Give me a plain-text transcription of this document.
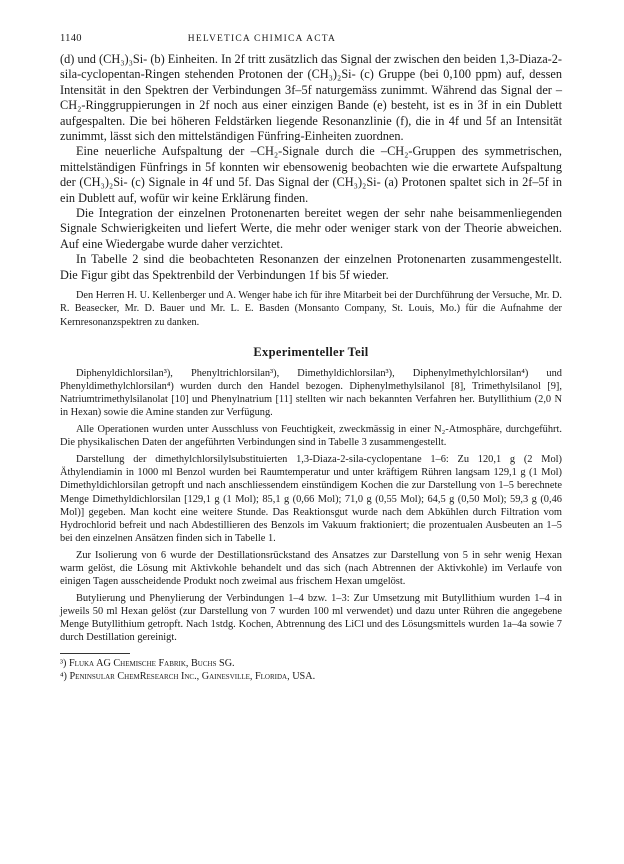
1140	HELVETICA CHIMICA ACTA

(d) und (CH₃)₃Si- (b) Einheiten. In 2f tritt zusätzlich das Signal der zwischen den beiden 1,3-Diaza-2-sila-cyclopentan-Ringen stehenden Protonen der (CH₃)₂Si- (c) Gruppe (bei 0,100 ppm) auf, dessen Intensität in den Spektren der Verbindungen 3f–5f naturgemäss zunimmt. Während das Signal der –CH₂-Ringgruppierungen in 2f noch aus einer einzigen Bande (e) besteht, ist es in 3f in ein Dublett aufgespalten. Die bei höheren Feldstärken liegende Resonanzlinie (f), die in 4f und 5f an Intensität zunimmt, lässt sich den mittelständigen Fünfring-Einheiten zuordnen.

Eine neuerliche Aufspaltung der –CH₂-Signale durch die –CH₂-Gruppen des symmetrischen, mittelständigen Fünfrings in 5f konnten wir ebensowenig beobachten wie die erwartete Aufspaltung der (CH₃)₂Si- (c) Signale in 4f und 5f. Das Signal der (CH₃)₂Si- (a) Protonen spaltet sich in 2f–5f in ein Dublett auf, wofür wir keine Erklärung finden.

Die Integration der einzelnen Protonenarten bereitet wegen der sehr nahe beisammenliegenden Signale Schwierigkeiten und liefert Werte, die mehr oder weniger stark von der Theorie abweichen. Auf eine Wiedergabe wurde daher verzichtet.

In Tabelle 2 sind die beobachteten Resonanzen der einzelnen Protonenarten zusammengestellt. Die Figur gibt das Spektrenbild der Verbindungen 1f bis 5f wieder.

Den Herren H. U. Kellenberger und A. Wenger habe ich für ihre Mitarbeit bei der Durchführung der Versuche, Mr. D. R. Beasecker, Mr. D. Bauer und Mr. L. E. Basden (Monsanto Company, St. Louis, Mo.) für die Aufnahme der Kernresonanzspektren zu danken.
Experimenteller Teil

Diphenyldichlorsilan³), Phenyltrichlorsilan³), Dimethyldichlorsilan³), Diphenylmethylchlorsilan⁴) und Phenyldimethylchlorsilan⁴) wurden durch den Handel bezogen. Diphenylmethylsilanol [8], Trimethylsilanol [9], Natriumtrimethylsilanolat [10] und Phenylnatrium [11] stellten wir nach bekannten Verfahren her. Butyllithium (2,0 N in Hexan) sowie die Amine standen zur Verfügung.

Alle Operationen wurden unter Ausschluss von Feuchtigkeit, zweckmässig in einer N₂-Atmosphäre, durchgeführt. Die physikalischen Daten der angeführten Verbindungen sind in Tabelle 3 zusammengestellt.

Darstellung der dimethylchlorsilylsubstituierten 1,3-Diaza-2-sila-cyclopentane 1–6: Zu 120,1 g (2 Mol) Äthylendiamin in 1000 ml Benzol wurden bei Raumtemperatur und unter kräftigem Rühren langsam 129,1 g (1 Mol) Dimethyldichlorsilan getropft und nach anschliessendem einstündigem Kochen die zur Darstellung von 1–5 berechnete Menge Dimethyldichlorsilan [129,1 g (1 Mol); 85,1 g (0,66 Mol); 71,0 g (0,55 Mol); 64,5 g (0,50 Mol); 59,3 g (0,46 Mol)] gegeben. Man kocht eine weitere Stunde. Das Reaktionsgut wurde nach dem Abkühlen durch Filtration vom Hydrochlorid befreit und nach Abdestillieren des Benzols im Vakuum fraktioniert; die prozentualen Ausbeuten an 1–5 bei den einzelnen Ansätzen finden sich in Tabelle 1.

Zur Isolierung von 6 wurde der Destillationsrückstand des Ansatzes zur Darstellung von 5 in sehr wenig Hexan warm gelöst, die Lösung mit Aktivkohle behandelt und das sich (nach Abtrennen der Aktivkohle) im Verlaufe von einigen Tagen ausscheidende Produkt noch zweimal aus frischem Hexan umgelöst.

Butylierung und Phenylierung der Verbindungen 1–4 bzw. 1–3: Zur Umsetzung mit Butyllithium wurden 1–4 in jeweils 50 ml Hexan gelöst (zur Darstellung von 7 wurden 100 ml verwendet) und dazu unter Rühren die angegebene Menge Butyllithium getropft. Nach 1stdg. Kochen, Abtrennung des LiCl und des Lösungsmittels wurden 1a–4a sowie 7 durch Destillation gereinigt.

³) Fluka AG Chemische Fabrik, Buchs SG.
⁴) Peninsular ChemResearch Inc., Gainesville, Florida, USA.
